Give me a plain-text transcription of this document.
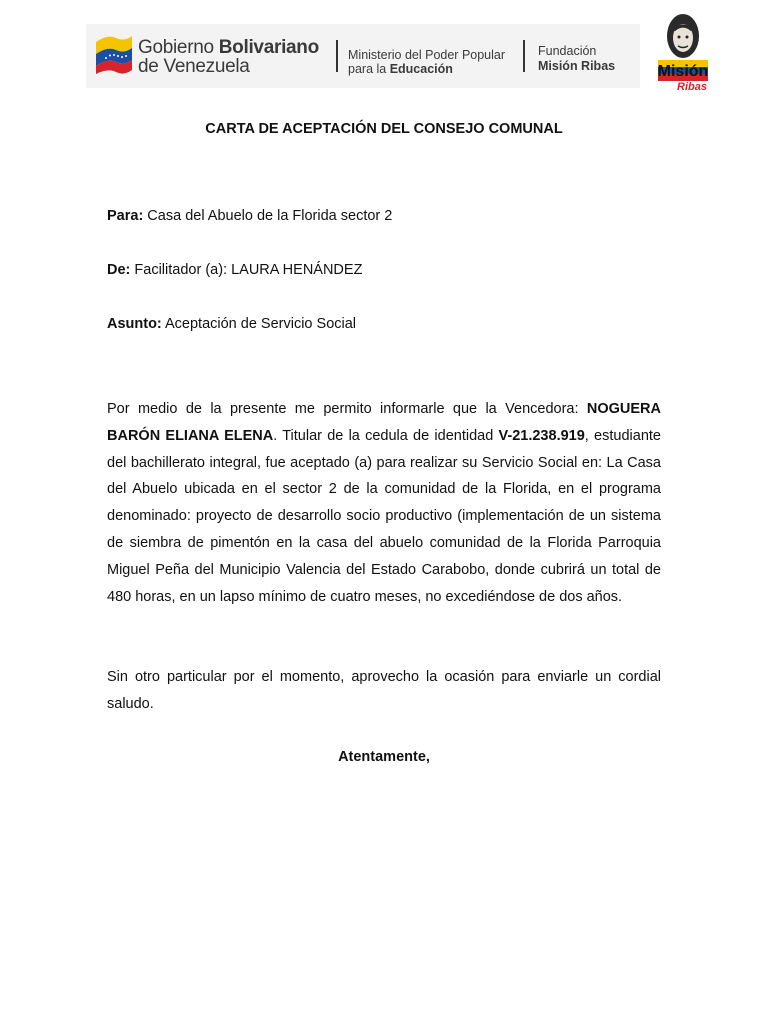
Gobierno Bolivariano
de Venezuela
Ministerio del Poder Popular
para la Educación
Fundación
Misión Ribas	Misión
Ribas
CARTA DE ACEPTACIÓN DEL CONSEJO COMUNAL
Para: Casa del Abuelo de la Florida sector 2
De: Facilitador (a): LAURA HENÁNDEZ
Asunto: Aceptación de Servicio Social
Por medio de la presente me permito informarle que la Vencedora: NOGUERA BARÓN ELIANA ELENA. Titular de la cedula de identidad V-21.238.919, estudiante del bachillerato integral, fue aceptado (a) para realizar su Servicio Social en: La Casa del Abuelo ubicada en el sector 2 de la comunidad de la Florida, en el programa denominado: proyecto de desarrollo socio productivo (implementación de un sistema de siembra de pimentón en la casa del abuelo comunidad de la Florida Parroquia Miguel Peña del Municipio Valencia del Estado Carabobo, donde cubrirá un total de 480 horas, en un lapso mínimo de cuatro meses, no excediéndose de dos años.
Sin otro particular por el momento, aprovecho la ocasión para enviarle un cordial saludo.
Atentamente,
